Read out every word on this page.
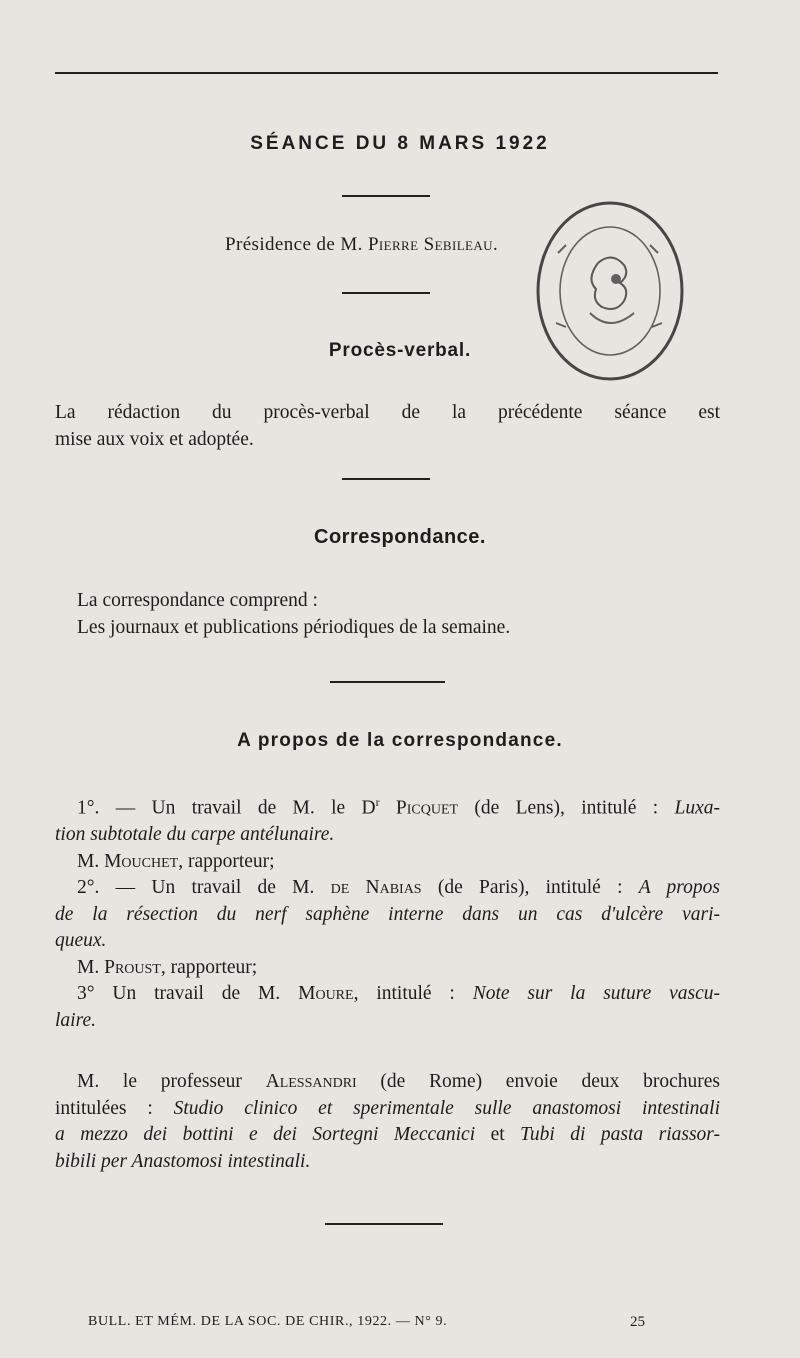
SÉANCE DU 8 MARS 1922
Présidence de M. Pierre Sebileau.
Procès-verbal.
La rédaction du procès-verbal de la précédente séance est
mise aux voix et adoptée.
Correspondance.
La correspondance comprend :
Les journaux et publications périodiques de la semaine.
A propos de la correspondance.
1°. — Un travail de M. le $D^r$ Picquet (de Lens), intitulé : Luxa-
tion subtotale du carpe antélunaire.
M. Mouchet, rapporteur;
2°. — Un travail de M. de Nabias (de Paris), intitulé : A propos
de la résection du nerf saphène interne dans un cas d'ulcère vari-
queux.
M. Proust, rapporteur;
3° Un travail de M. Moure, intitulé : Note sur la suture vascu-
laire.
M. le professeur Alessandri (de Rome) envoie deux brochures
intitulées : Studio clinico et sperimentale sulle anastomosi intestinali
a mezzo dei bottini e dei Sortegni Meccanici et Tubi di pasta riassor-
bibili per Anastomosi intestinali.
BULL. ET MÉM. DE LA SOC. DE CHIR., 1922. — N° 9.	25
